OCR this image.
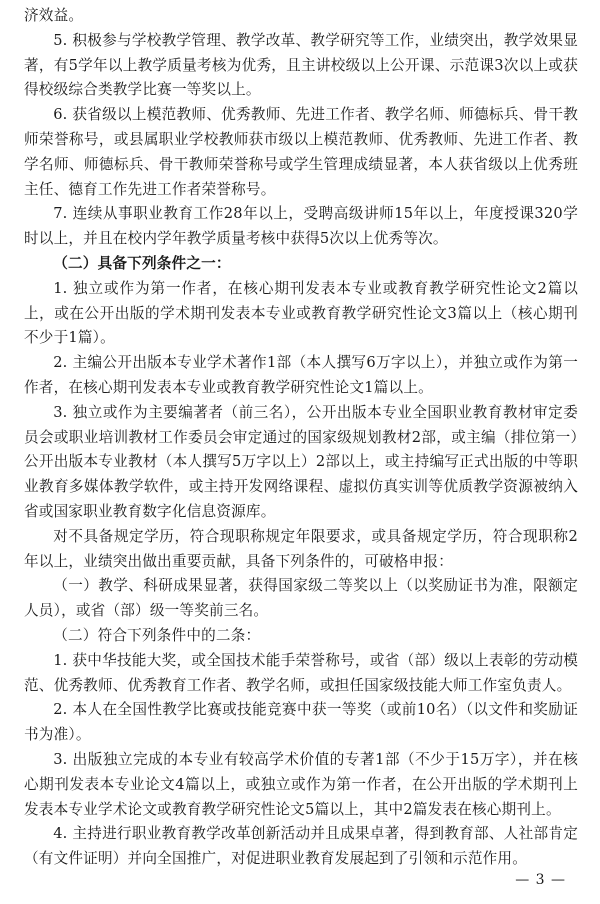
济效益。

5. 积极参与学校教学管理、教学改革、教学研究等工作，业绩突出，教学效果显著，有5学年以上教学质量考核为优秀，且主讲校级以上公开课、示范课3次以上或获得校级综合类教学比赛一等奖以上。

6. 获省级以上模范教师、优秀教师、先进工作者、教学名师、师德标兵、骨干教师荣誉称号，或县属职业学校教师获市级以上模范教师、优秀教师、先进工作者、教学名师、师德标兵、骨干教师荣誉称号或学生管理成绩显著，本人获省级以上优秀班主任、德育工作先进工作者荣誉称号。

7. 连续从事职业教育工作28年以上，受聘高级讲师15年以上，年度授课320学时以上，并且在校内学年教学质量考核中获得5次以上优秀等次。

（二）具备下列条件之一：

1. 独立或作为第一作者，在核心期刊发表本专业或教育教学研究性论文2篇以上，或在公开出版的学术期刊发表本专业或教育教学研究性论文3篇以上（核心期刊不少于1篇）。

2. 主编公开出版本专业学术著作1部（本人撰写6万字以上），并独立或作为第一作者，在核心期刊发表本专业或教育教学研究性论文1篇以上。

3. 独立或作为主要编著者（前三名），公开出版本专业全国职业教育教材审定委员会或职业培训教材工作委员会审定通过的国家级规划教材2部，或主编（排位第一）公开出版本专业教材（本人撰写5万字以上）2部以上，或主持编写正式出版的中等职业教育多媒体教学软件，或主持开发网络课程、虚拟仿真实训等优质教学资源被纳入省或国家职业教育数字化信息资源库。

对不具备规定学历，符合现职称规定年限要求，或具备规定学历，符合现职称2年以上，业绩突出做出重要贡献，具备下列条件的，可破格申报：

（一）教学、科研成果显著，获得国家级二等奖以上（以奖励证书为准，限额定人员），或省（部）级一等奖前三名。

（二）符合下列条件中的二条：

1. 获中华技能大奖，或全国技术能手荣誉称号，或省（部）级以上表彰的劳动模范、优秀教师、优秀教育工作者、教学名师，或担任国家级技能大师工作室负责人。

2. 本人在全国性教学比赛或技能竞赛中获一等奖（或前10名）（以文件和奖励证书为准）。

3. 出版独立完成的本专业有较高学术价值的专著1部（不少于15万字），并在核心期刊发表本专业论文4篇以上，或独立或作为第一作者，在公开出版的学术期刊上发表本专业学术论文或教育教学研究性论文5篇以上，其中2篇发表在核心期刊上。

4. 主持进行职业教育教学改革创新活动并且成果卓著，得到教育部、人社部肯定（有文件证明）并向全国推广，对促进职业教育发展起到了引领和示范作用。

— 3 —
